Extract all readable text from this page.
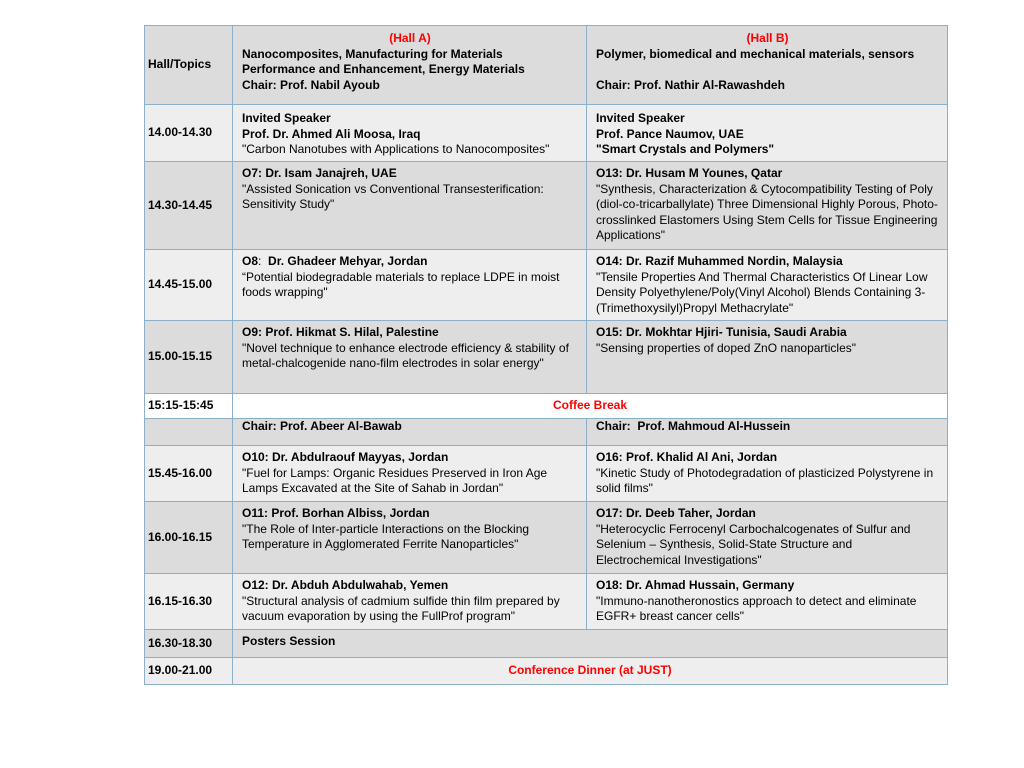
Hall/Topics	(Hall A)
Nanocomposites, Manufacturing for Materials
Performance and Enhancement, Energy Materials
Chair: Prof. Nabil Ayoub	(Hall B)
Polymer, biomedical and mechanical materials, sensors
Chair: Prof. Nathir Al-Rawashdeh

14.00-14.30	Invited Speaker
Prof. Dr. Ahmed Ali Moosa, Iraq
"Carbon Nanotubes with Applications to Nanocomposites"	Invited Speaker
Prof. Pance Naumov, UAE
"Smart Crystals and Polymers"

14.30-14.45	O7: Dr. Isam Janajreh, UAE
"Assisted Sonication vs Conventional Transesterification: Sensitivity Study"	O13: Dr. Husam M Younes, Qatar
"Synthesis, Characterization & Cytocompatibility Testing of Poly (diol-co-tricarballylate) Three Dimensional Highly Porous, Photo-crosslinked Elastomers Using Stem Cells for Tissue Engineering Applications"

14.45-15.00	O8:  Dr. Ghadeer Mehyar, Jordan
“Potential biodegradable materials to replace LDPE in moist foods wrapping"	O14: Dr. Razif Muhammed Nordin, Malaysia
"Tensile Properties And Thermal Characteristics Of Linear Low Density Polyethylene/Poly(Vinyl Alcohol) Blends Containing 3-(Trimethoxysilyl)Propyl Methacrylate"

15.00-15.15	O9: Prof. Hikmat S. Hilal, Palestine
"Novel technique to enhance electrode efficiency & stability of metal-chalcogenide nano-film electrodes in solar energy"	O15: Dr. Mokhtar Hjiri- Tunisia, Saudi Arabia
"Sensing properties of doped ZnO nanoparticles"

15:15-15:45	Coffee Break	

	Chair: Prof. Abeer Al-Bawab	Chair:  Prof. Mahmoud Al-Hussein

15.45-16.00	O10: Dr. Abdulraouf Mayyas, Jordan
"Fuel for Lamps: Organic Residues Preserved in Iron Age Lamps Excavated at the Site of Sahab in Jordan"	O16: Prof. Khalid Al Ani, Jordan
"Kinetic Study of Photodegradation of plasticized Polystyrene in solid films"

16.00-16.15	O11: Prof. Borhan Albiss, Jordan
"The Role of Inter-particle Interactions on the Blocking Temperature in Agglomerated Ferrite Nanoparticles"	O17: Dr. Deeb Taher, Jordan
"Heterocyclic Ferrocenyl Carbochalcogenates of Sulfur and Selenium – Synthesis, Solid-State Structure and Electrochemical Investigations"

16.15-16.30	O12: Dr. Abduh Abdulwahab, Yemen
"Structural analysis of cadmium sulfide thin film prepared by vacuum evaporation by using the FullProf program"	O18: Dr. Ahmad Hussain, Germany
"Immuno-nanotheronostics approach to detect and eliminate EGFR+ breast cancer cells"

16.30-18.30	Posters Session	

19.00-21.00	Conference Dinner (at JUST)	
